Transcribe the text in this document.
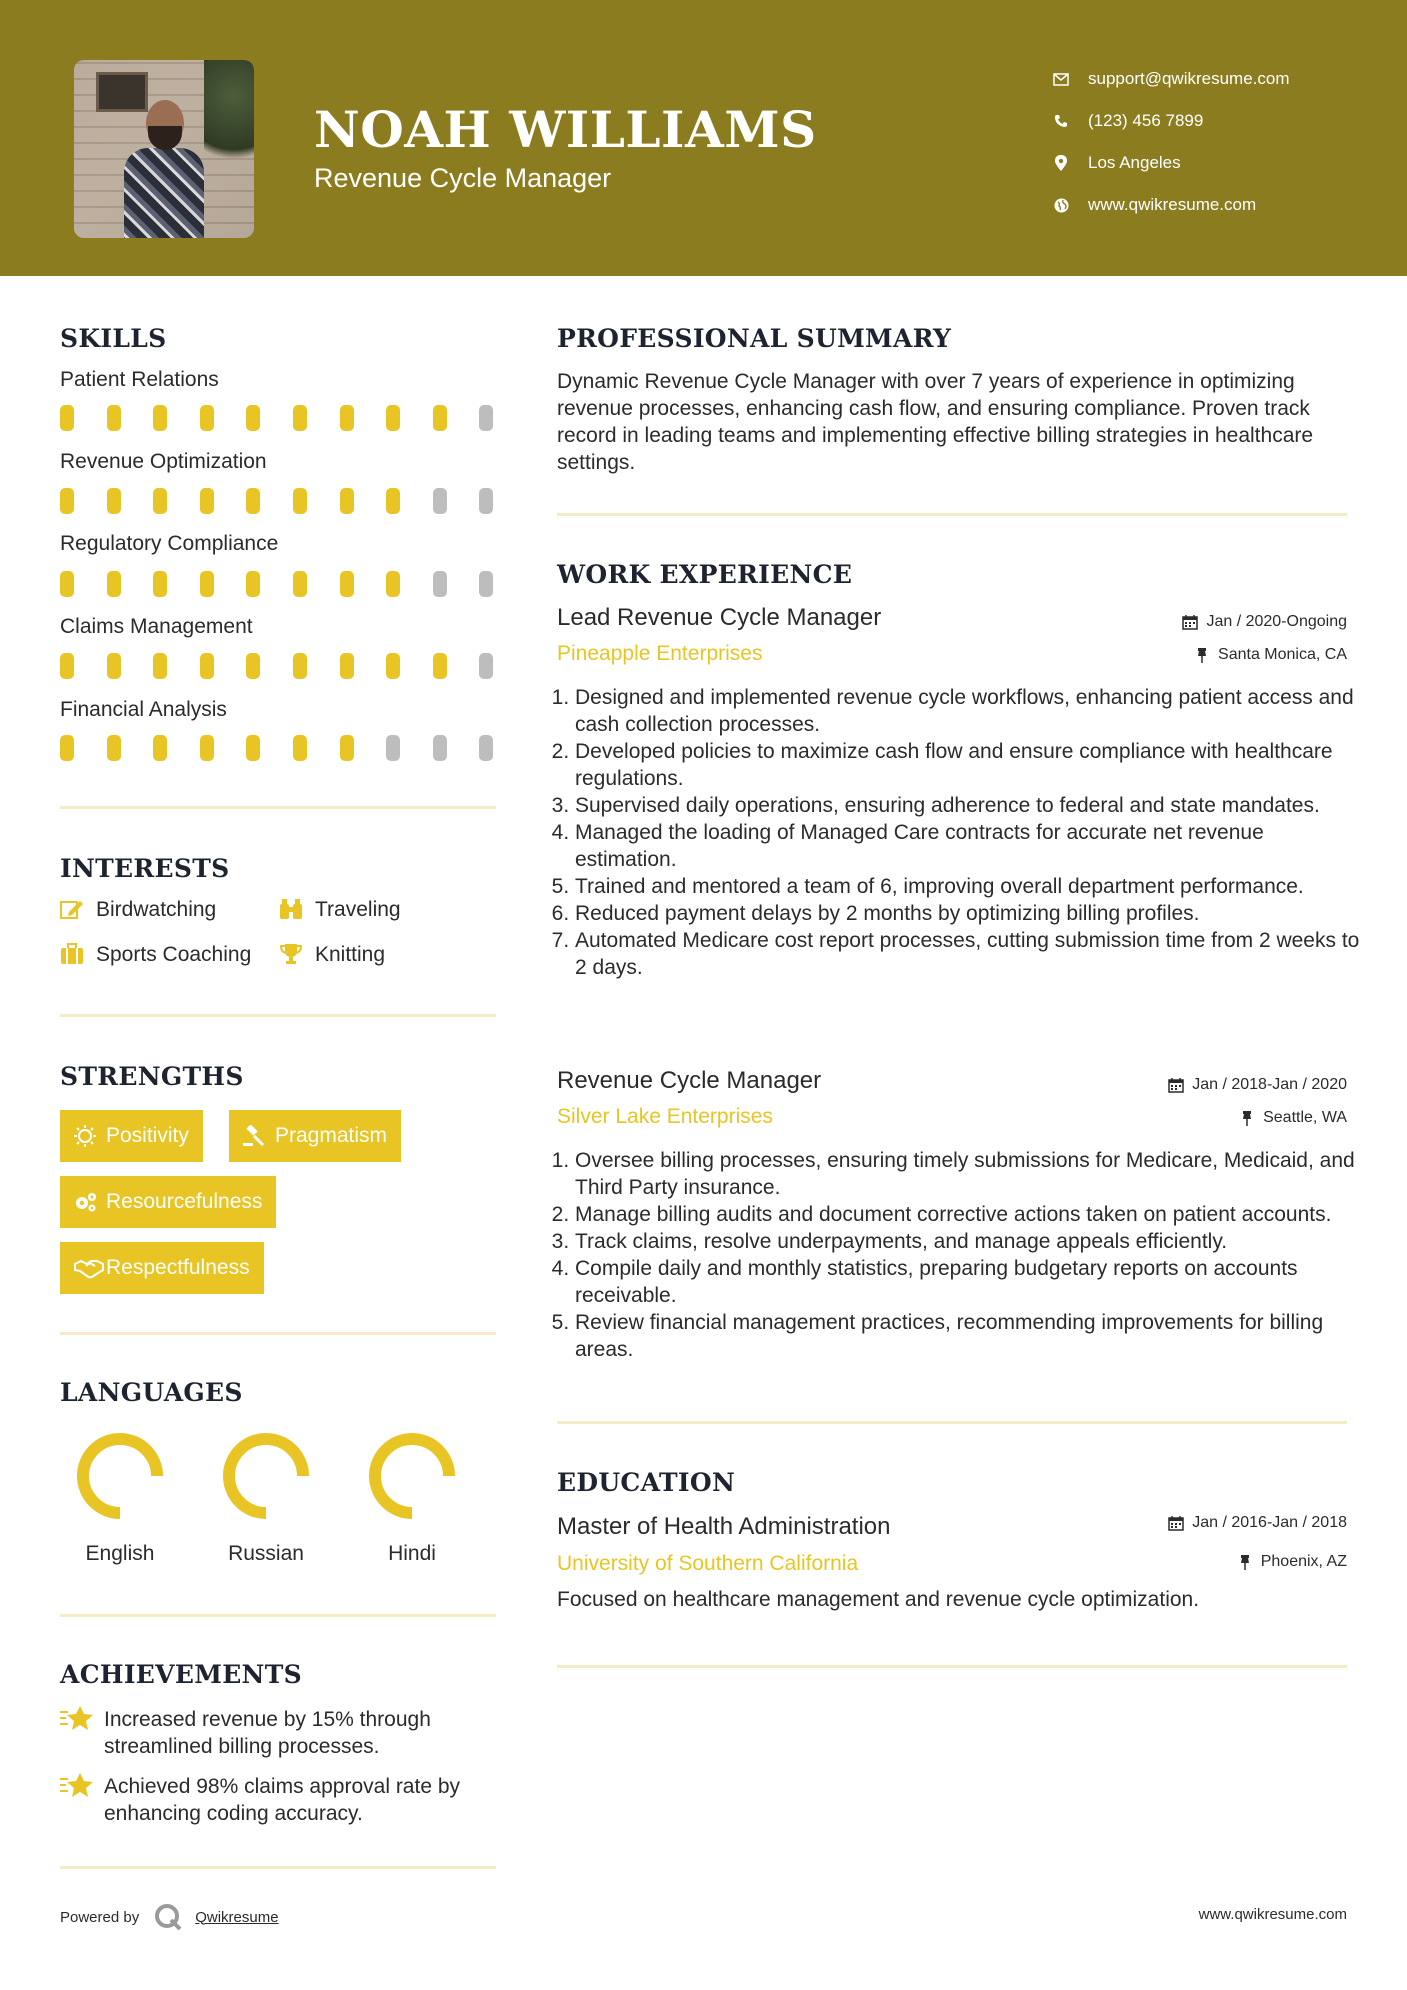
NOAH WILLIAMS
Revenue Cycle Manager
support@qwikresume.com
(123) 456 7899
Los Angeles
www.qwikresume.com
SKILLS
Patient Relations
Revenue Optimization
Regulatory Compliance
Claims Management
Financial Analysis
INTERESTS
Birdwatching	Traveling
Sports Coaching	Knitting
STRENGTHS
Positivity	Pragmatism
Resourcefulness
Respectfulness
LANGUAGES
English	Russian	Hindi
ACHIEVEMENTS
Increased revenue by 15% through streamlined billing processes.
Achieved 98% claims approval rate by enhancing coding accuracy.
PROFESSIONAL SUMMARY
Dynamic Revenue Cycle Manager with over 7 years of experience in optimizing revenue processes, enhancing cash flow, and ensuring compliance. Proven track record in leading teams and implementing effective billing strategies in healthcare settings.
WORK EXPERIENCE
Lead Revenue Cycle Manager	Jan / 2020-Ongoing
Pineapple Enterprises	Santa Monica, CA
1. Designed and implemented revenue cycle workflows, enhancing patient access and cash collection processes.
2. Developed policies to maximize cash flow and ensure compliance with healthcare regulations.
3. Supervised daily operations, ensuring adherence to federal and state mandates.
4. Managed the loading of Managed Care contracts for accurate net revenue estimation.
5. Trained and mentored a team of 6, improving overall department performance.
6. Reduced payment delays by 2 months by optimizing billing profiles.
7. Automated Medicare cost report processes, cutting submission time from 2 weeks to 2 days.
Revenue Cycle Manager	Jan / 2018-Jan / 2020
Silver Lake Enterprises	Seattle, WA
1. Oversee billing processes, ensuring timely submissions for Medicare, Medicaid, and Third Party insurance.
2. Manage billing audits and document corrective actions taken on patient accounts.
3. Track claims, resolve underpayments, and manage appeals efficiently.
4. Compile daily and monthly statistics, preparing budgetary reports on accounts receivable.
5. Review financial management practices, recommending improvements for billing areas.
EDUCATION
Master of Health Administration	Jan / 2016-Jan / 2018
University of Southern California	Phoenix, AZ
Focused on healthcare management and revenue cycle optimization.
Powered by	Qwikresume	www.qwikresume.com
